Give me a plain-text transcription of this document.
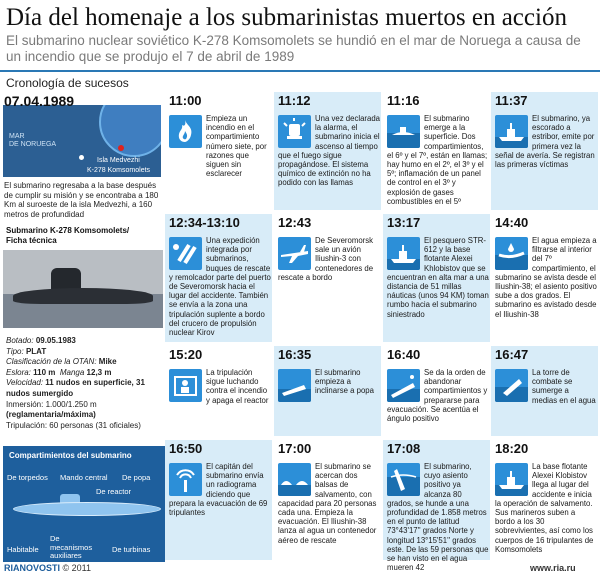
Día del homenaje a los submarinistas muertos en acción
El submarino nuclear soviético K-278 Komsomolets se hundió en el mar de Noruega a causa de un incendio que se produjo el 7 de abril de 1989
Cronología de sucesos
07.04.1989
MAR
DE NORUEGA
Isla Medvezhi
K-278 Komsomolets
El submarino regresaba a la base después de cumplir su misión y se encontraba a 180 Km al suroeste de la isla Medvezhi, a 160 metros de profundidad
Submarino K-278 Komsomolets/
Ficha técnica
Botado: 09.05.1983
Tipo: PLAT
Clasificación de la OTAN: Mike
Eslora: 110 m Manga 12,3 m
Velocidad: 11 nudos en superficie, 31 nudos sumergido
Inmersión: 1.000/1.250 m
(reglamentaria/máxima)
Tripulación: 60 personas (31 oficiales)
Compartimientos del submarino
De torpedos Mando central De popa
De reactor
Habitable
De mecanismos auxiliares
De turbinas
RIANOVOSTI © 2011	www.ria.ru
11:00
Empieza un incendio en el compartimiento número siete, por razones que siguen sin esclarecer
11:12
Una vez declarada la alarma, el submarino inicia el ascenso al tiempo que el fuego sigue propagándose. El sistema químico de extinción no ha podido con las llamas
11:16
El submarino emerge a la superficie. Dos compartimientos, el 6º y el 7º, están en llamas; hay humo en el 2º, el 3º y el 5º; inflamación de un panel de control en el 3º y explosión de gases combustibles en el 5º
11:37
El submarino, ya escorado a estribor, emite por primera vez la señal de avería. Se registran las primeras víctimas
12:34-13:10
Una expedición integrada por submarinos, buques de rescate y remolcador parte del puerto de Severomorsk hacia el lugar del accidente. También se envía a la zona una tripulación suplente a bordo del crucero de propulsión nuclear Kirov
12:43
De Severomorsk sale un avión Iliushin-3 con contenedores de rescate a bordo
13:17
El pesquero STR-612 y la base flotante Alexei Khlobistov que se encuentran en alta mar a una distancia de 51 millas náuticas (unos 94 KM) toman rumbo hacia el submarino siniestrado
14:40
El agua empieza a filtrarse al interior del 7º compartimiento, el submarino se avista desde el Iliushin-38; el asiento positivo sube a dos grados. El submarino es avistado desde el Iliushin-38
15:20
La tripulación sigue luchando contra el incendio y apaga el reactor
16:35
El submarino empieza a inclinarse a popa
16:40
Se da la orden de abandonar compartimientos y prepararse para evacuación. Se acentúa el ángulo positivo
16:47
La torre de combate se sumerge a medias en el agua
16:50
El capitán del submarino envía un radiograma diciendo que prepara la evacuación de 69 tripulantes
17:00
El submarino se acercan dos balsas de salvamento, con capacidad para 20 personas cada una. Empieza la evacuación. El Iliushin-38 lanza al agua un contenedor aéreo de rescate
17:08
El submarino, cuyo asiento positivo ya alcanza 80 grados, se hunde a una profundidad de 1.858 metros en el punto de latitud 73°43'17'' grados Norte y longitud 13°15'51'' grados este. De las 59 personas que se han visto en el agua mueren 42
18:20
La base flotante Alexei Klobistov llega al lugar del accidente e inicia la operación de salvamento. Sus marineros suben a bordo a los 30 sobrevivientes, así como los cuerpos de 16 tripulantes de Komsomolets
